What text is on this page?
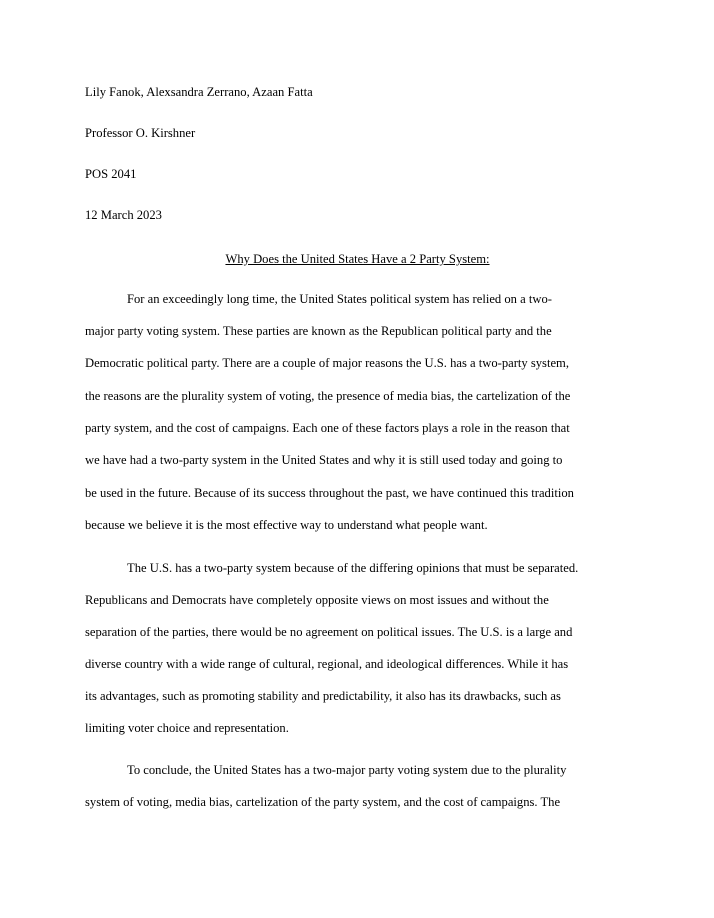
Lily Fanok, Alexsandra Zerrano, Azaan Fatta
Professor O. Kirshner
POS 2041
12 March 2023
Why Does the United States Have a 2 Party System:
For an exceedingly long time, the United States political system has relied on a two-
major party voting system. These parties are known as the Republican political party and the
Democratic political party. There are a couple of major reasons the U.S. has a two-party system,
the reasons are the plurality system of voting, the presence of media bias, the cartelization of the
party system, and the cost of campaigns. Each one of these factors plays a role in the reason that
we have had a two-party system in the United States and why it is still used today and going to
be used in the future. Because of its success throughout the past, we have continued this tradition
because we believe it is the most effective way to understand what people want.
The U.S. has a two-party system because of the differing opinions that must be separated.
Republicans and Democrats have completely opposite views on most issues and without the
separation of the parties, there would be no agreement on political issues. The U.S. is a large and
diverse country with a wide range of cultural, regional, and ideological differences. While it has
its advantages, such as promoting stability and predictability, it also has its drawbacks, such as
limiting voter choice and representation.
To conclude, the United States has a two-major party voting system due to the plurality
system of voting, media bias, cartelization of the party system, and the cost of campaigns. The
